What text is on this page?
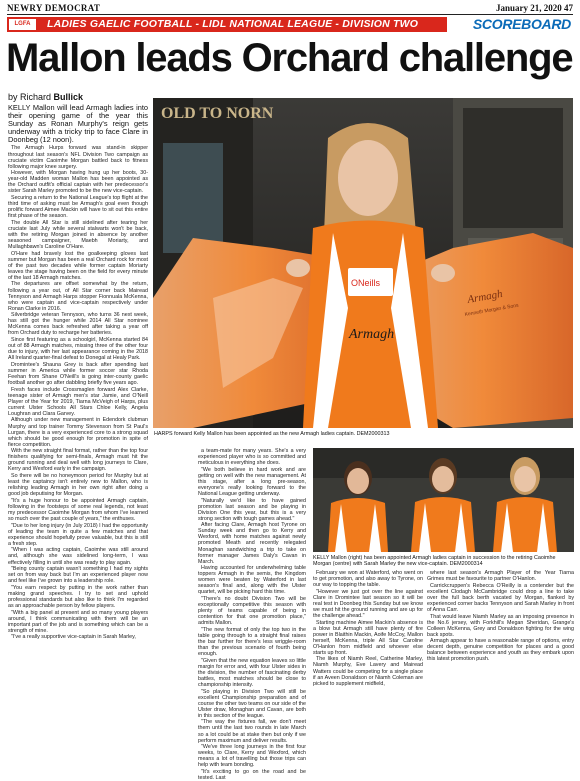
NEWRY DEMOCRAT	January 21, 2020 47
LGFA	LADIES GAELIC FOOTBALL - LIDL NATIONAL LEAGUE - DIVISION TWO	SCOREBOARD
Mallon leads Orchard challenge
by Richard Bullick

KELLY Mallon will lead Armagh ladies into their opening game of the year this Sunday as Ronan Murphy's reign gets underway with a tricky trip to face Clare in Doonbeg (12 noon).

The Armagh Hurps forward was stand-in skipper throughout last season's NFL Division Two campaign as cruciate victim Caoimhe Morgan battled back to fitness following major knee surgery.

However, with Morgan having hung up her boots, 30-year-old Madden woman Mallon has been appointed as the Orchard outfit's official captain with her predecessor's sister Sarah Marley promoted to be the new vice-captain.

Securing a return to the National League's top flight at the third time of asking must be Armagh's goal even though prolific forward Aimee Mackin will have to sit out this entire first phase of the season.

The double All Star is still sidelined after tearing her cruciate last July while several stalwarts won't be back, with the retiring Morgan joined in absence by another seasoned campaigner, Maebh Moriarty, and Mullaghbawn's Caroline O'Hare.

O'Hare had bravely lost the goalkeeping gloves last summer but Morgan has been a real Orchard rock for most of the past two decades while former captain Moriarty leaves the stage having been on the field for every minute of the last 18 Armagh matches.

The departures are offset somewhat by the return, following a year out, of All Star corner back Mairead Tennyson and Armagh Harps stopper Fionnuala McKenna, who were captain and vice-captain respectively under Ronan Clarke in 2016.

Silverbridge veteran Tennyson, who turns 36 next week, has still got the hunger while 2014 All Star nominee McKenna comes back refreshed after taking a year off from Orchard duty to recharge her batteries.

Since first featuring as a schoolgirl, McKenna started 84 out of 88 Armagh matches, missing three of the other four due to injury, with her last appearance coming in the 2018 All Ireland quarter-final defeat to Donegal at Healy Park.

Dromintee's Shauna Grey is back after spending last summer in America while former soccer star Rhoda Feehan from Shane O'Neill's is going inter-county gaelic football another go after dabbling briefly five years ago.

Fresh faces include Crossmaglen forward Alex Clarke, teenage sister of Armagh men's star Jamie, and O'Neill Player of the Year for 2019, Tiarna McVeigh of Harps, plus current Ulster Schools All Stars Chloe Kelly, Angela Loughran and Clara Garvey.

Although under new management in Edendork clubman Murphy and top trainer Tommy Stevenson from St Paul's Lurgan, there is a very experienced core to a strong squad which should be good enough for promotion in spite of fierce competition.

With the new straight final format, rather than the top four finishers qualifying for semi-finals, Armagh must hit the ground running and deal well with long journeys to Clare, Kerry and Wexford early in the campaign.

So there will be no honeymoon period for Murphy but at least the captaincy isn't entirely new to Mallon, who is relishing leading Armagh in her own right after doing a good job deputising for Morgan.

"It's a huge honour to be appointed Armagh captain, following in the footsteps of some real legends, not least my predecessor Caoimhe Morgan from whom I've learned so much over the past couple of years," the enthuses.

"Due to her long injury (in July 2018) I had the opportunity of leading the team in quite a few matches and that experience should hopefully prove valuable, but this is still a fresh step.

"When I was acting captain, Caoimhe was still around and, although she was sidelined long-term, I was effectively filling in until she was ready to play again.

"Being county captain wasn't something I had my sights set on from way back but I'm an experienced player now and feel like I've grown into a leadership role.

"You earn respect by putting in the work rather than making grand speeches. I try to set and uphold professional standards but also like to think I'm regarded as an approachable person by fellow players.

"With a big panel at present and so many young players around, I think communicating with them will be an important part of the job and is something which can be a strength of mine.

"I've a really supportive vice-captain in Sarah Marley,

OLD TO NORN
ONeills
Armagh
Armagh
Kenneth Morgan & Sons
HARPS forward Kelly Mallon has been appointed as the new Armagh ladies captain. DEM2000313

a team-mate for many years. She's a very experienced player who is so committed and meticulous in everything she does.

"We both believe in hard work and are getting on well with the new management. At this stage, after a long pre-season, everyone's really looking forward to the National League getting underway.

"Naturally we'd like to have gained promotion last season and be playing in Division One this year, but this is a very strong section with tough games ahead."

After facing Clare, Armagh host Tyrone on Sunday week and then go to Kerry and Wexford, with home matches against newly promoted Meath and recently relegated Monaghan sandwiching a trip to take on former manager James Daly's Cavan in March.

Having accounted for underwhelming table toppers Armagh in the semis, the Kingdom women were beaten by Waterford in last season's final and, along with the Ulster quartet, will be picking hard this time.

"There's no doubt Division Two will be exceptionally competitive this season with plenty of teams capable of being in contention for that one promotion place," admits Mallon.

"The new format of only the top two in the table going through to a straight final raises the bar further for there's less wriggle-room than the previous scenario of fourth being enough.

"Given that the new equation leaves so little margin for error and, with four Ulster sides in the division, the number of fascinating derby battles, most matches should be close to championship intensity.

"So playing in Division Two will still be excellent Championship preparation and of course the other two teams on our side of the Ulster draw, Monaghan and Cavan, are both in this section of the league.

"The way the fixtures fall, we don't meet them until the last two rounds in late March so a lot could be at stake then but only if we perform maximum and deliver results.

"We've three long journeys in the first four weeks, to Clare, Kerry and Wexford, which means a lot of travelling but those trips can help with team bonding.

"It's exciting to go on the road and be tested. Last

KELLY Mallon (right) has been appointed Armagh ladies captain in succession to the retiring Caoimhe Morgan (centre) with Sarah Marley the new vice-captain. DEM2000314

February we won at Waterford, who went on to get promotion, and also away to Tyrone, on our way to topping the table.

"However we just got over the line against Clare in Dromintee last season so it will be real test in Doonbeg this Sunday but we know we must hit the ground running and are up for the challenge ahead."

Starting machine Aimee Mackin's absence is a blow but Armagh still have plenty of fire power in Blaithin Mackin, Aoife McCoy, Mallon herself, McKenna, triple All Star Caroline O'Hanlon from midfield and whoever else starts up front.

The likes of Niamh Reel, Catherine Marley, Niamh Murphy, Eve Lavery and Mairead Watters could be competing for a single place if an Aveen Donaldson or Niamh Coleman are picked to supplement midfield,

where last season's Armagh Player of the Year Tiarna Grimes must be favourite to partner O'Hanlon.

Carrickcruppen's Rebecca O'Reilly is a contender but the excellent Clodagh McCambridge could drop a line to take over the full back berth vacated by Morgan, flanked by experienced corner backs Tennyson and Sarah Marley in front of Anna Carr.

That would leave Niamh Marley as an imposing presence in the No.6 jersey, with Forkhill's Megan Sheridan, Grange's Colleen McKenna, Grey and Donaldson fighting for the wing back spots.

Armagh appear to have a reasonable range of options, entry decent depth, genuine competition for places and a good balance between experience and youth as they embark upon this latest promotion push.
